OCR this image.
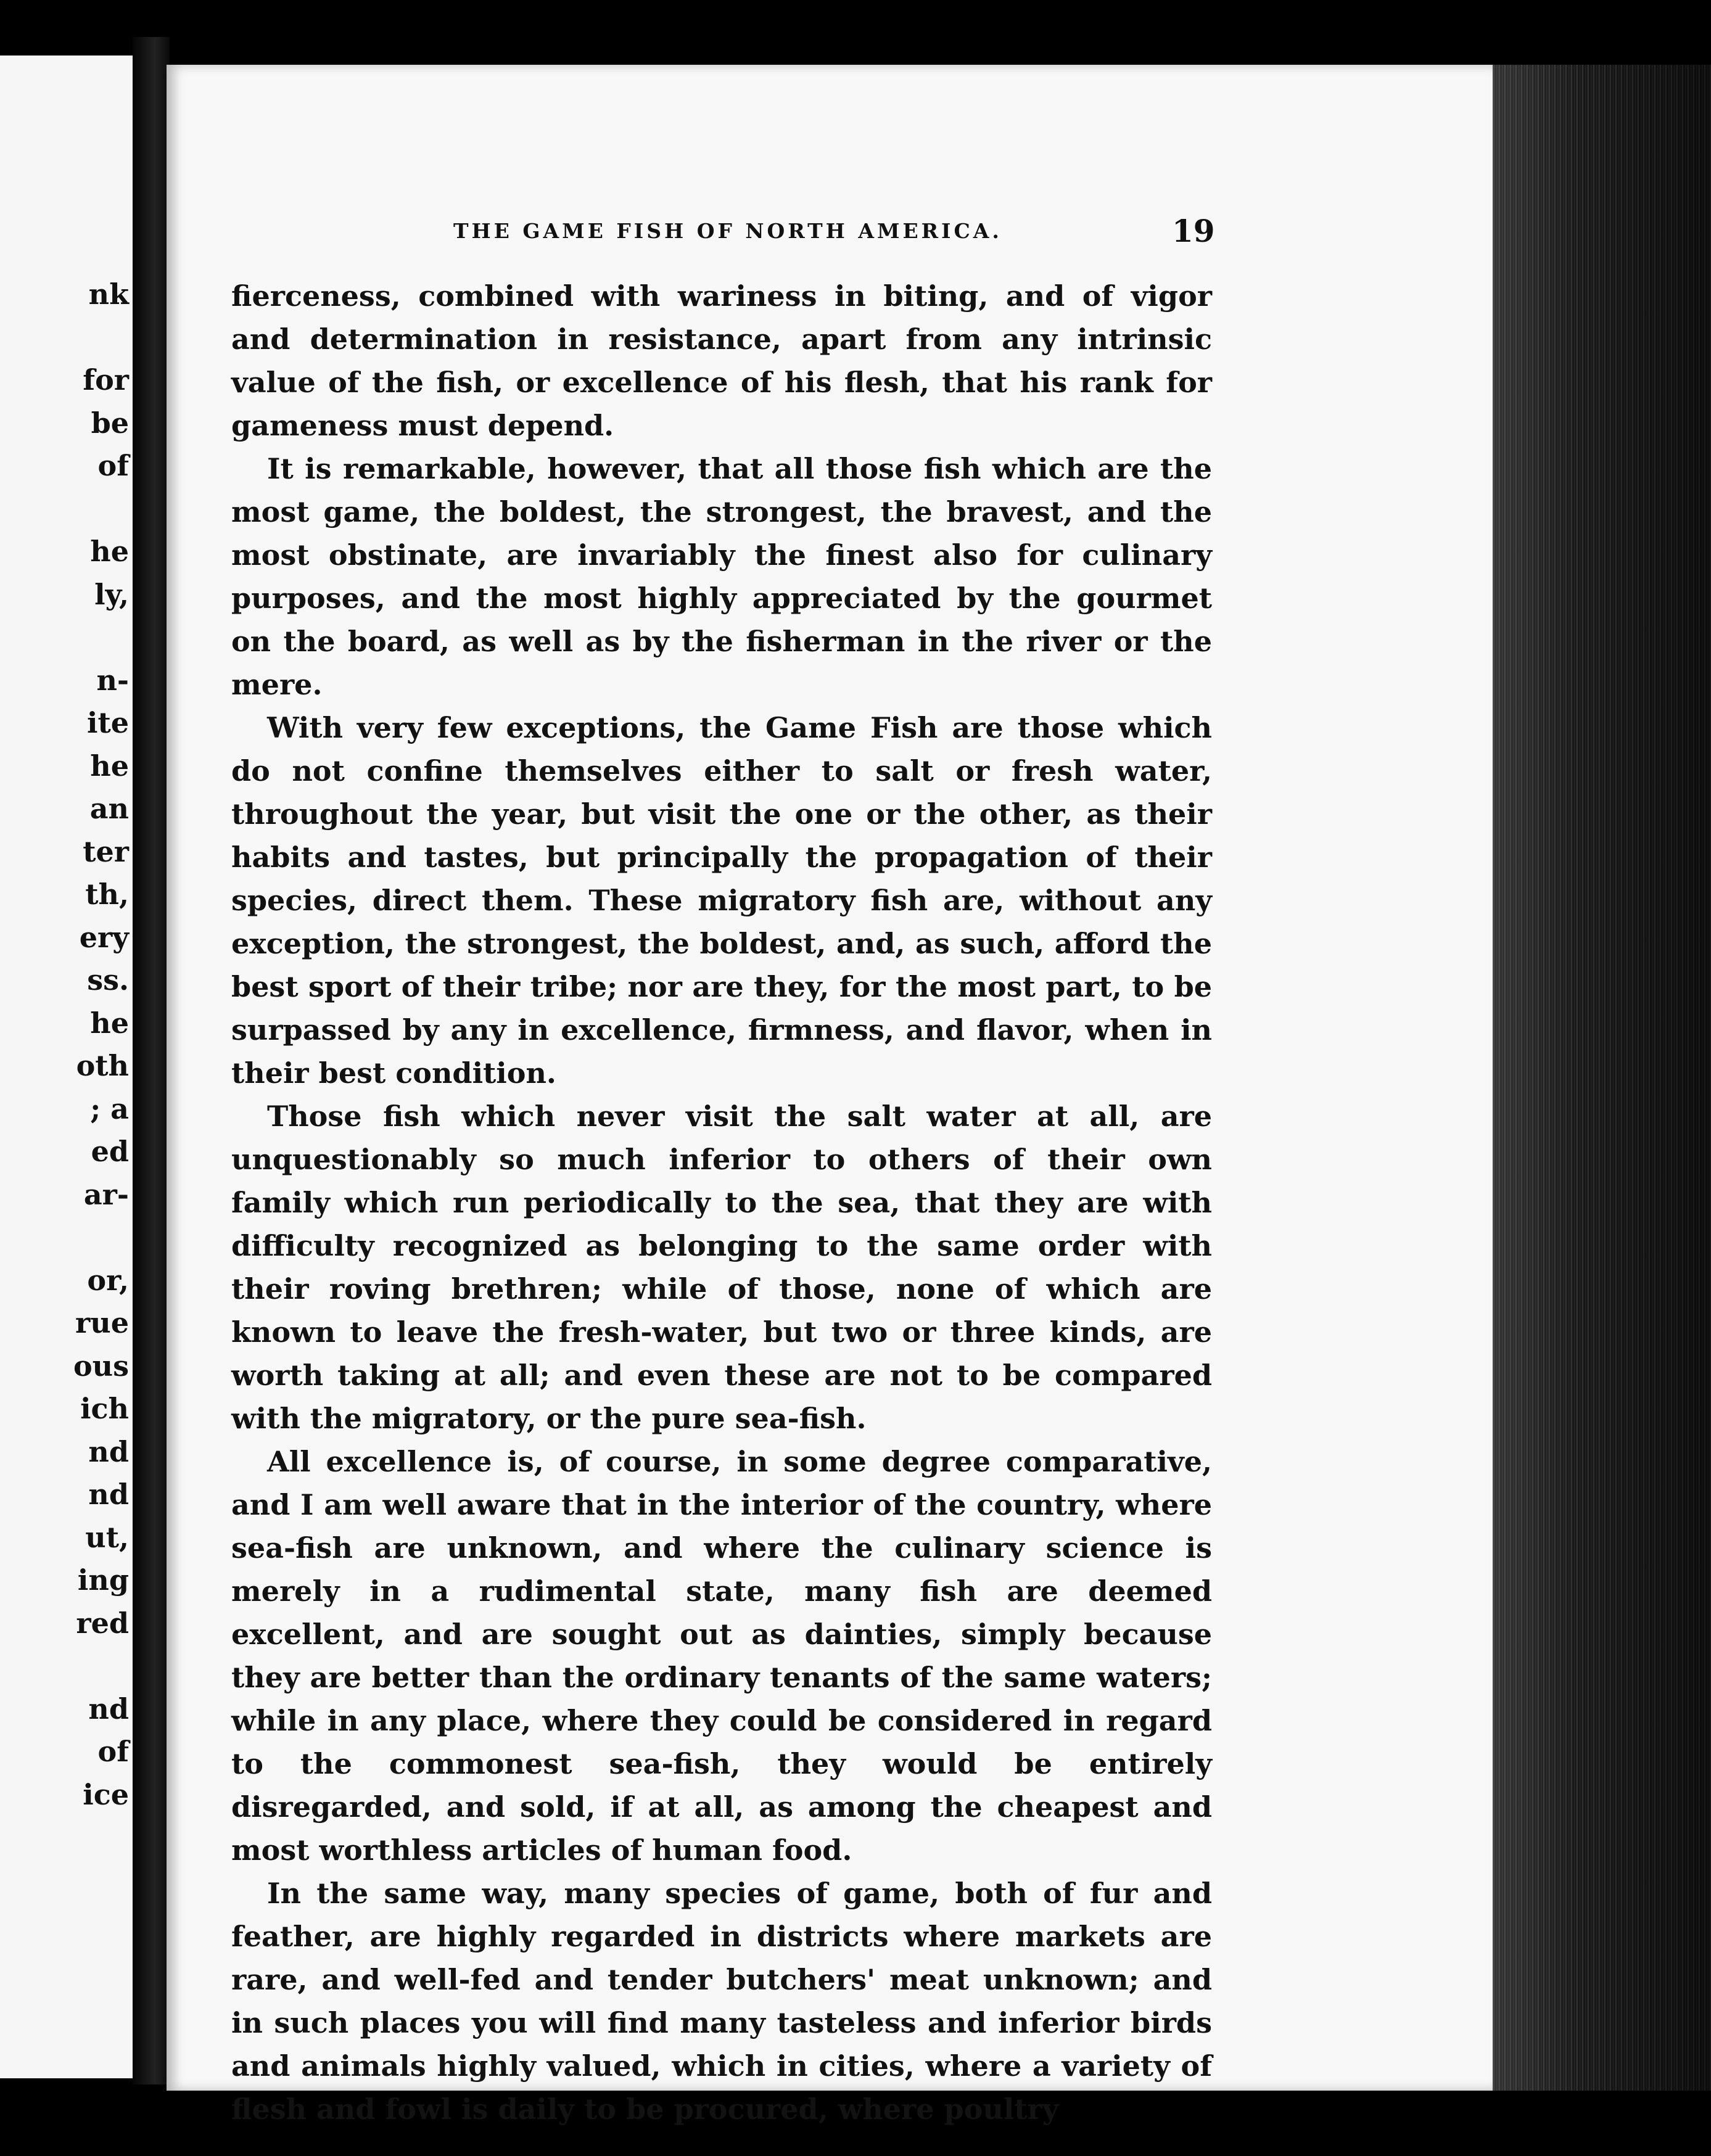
nk
for
be
of
he
ly,
n-
ite
he
an
ter
th,
ery
ss.
he
oth
; a
ed
ar-
or,
rue
ous
ich
nd
nd
ut,
ing
red
nd
of
ice
THE GAME FISH OF NORTH AMERICA.	19

fierceness, combined with wariness in biting, and of vigor and determination in resistance, apart from any intrinsic value of the fish, or excellence of his flesh, that his rank for gameness must depend.

It is remarkable, however, that all those fish which are the most game, the boldest, the strongest, the bravest, and the most obstinate, are invariably the finest also for culinary purposes, and the most highly appreciated by the gourmet on the board, as well as by the fisherman in the river or the mere.

With very few exceptions, the Game Fish are those which do not confine themselves either to salt or fresh water, throughout the year, but visit the one or the other, as their habits and tastes, but principally the propagation of their species, direct them. These migratory fish are, without any exception, the strongest, the boldest, and, as such, afford the best sport of their tribe; nor are they, for the most part, to be surpassed by any in excellence, firmness, and flavor, when in their best condition.

Those fish which never visit the salt water at all, are unquestionably so much inferior to others of their own family which run periodically to the sea, that they are with difficulty recognized as belonging to the same order with their roving brethren; while of those, none of which are known to leave the fresh-water, but two or three kinds, are worth taking at all; and even these are not to be compared with the migratory, or the pure sea-fish.

All excellence is, of course, in some degree comparative, and I am well aware that in the interior of the country, where sea-fish are unknown, and where the culinary science is merely in a rudimental state, many fish are deemed excellent, and are sought out as dainties, simply because they are better than the ordinary tenants of the same waters; while in any place, where they could be considered in regard to the commonest sea-fish, they would be entirely disregarded, and sold, if at all, as among the cheapest and most worthless articles of human food.

In the same way, many species of game, both of fur and feather, are highly regarded in districts where markets are rare, and well-fed and tender butchers' meat unknown; and in such places you will find many tasteless and inferior birds and animals highly valued, which in cities, where a variety of flesh and fowl is daily to be procured, where poultry
